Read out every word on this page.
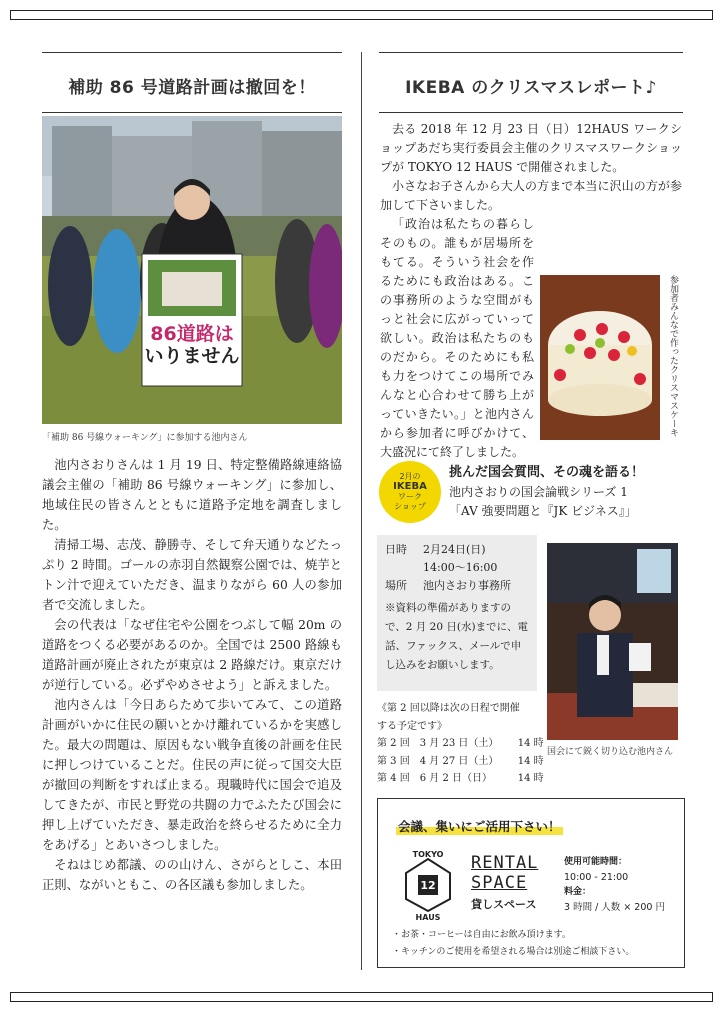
補助 86 号道路計画は撤回を！
86道路は
いりません
「補助 86 号線ウォーキング」に参加する池内さん

池内さおりさんは 1 月 19 日、特定整備路線連絡協議会主催の「補助 86 号線ウォーキング」に参加し、地域住民の皆さんとともに道路予定地を調査しました。

清掃工場、志茂、静勝寺、そして弁天通りなどたっぷり 2 時間。ゴールの赤羽自然観察公園では、焼芋とトン汁で迎えていただき、温まりながら 60 人の参加者で交流しました。

会の代表は「なぜ住宅や公園をつぶして幅 20m の道路をつくる必要があるのか。全国では 2500 路線も道路計画が廃止されたが東京は 2 路線だけ。東京だけが逆行している。必ずやめさせよう」と訴えました。

池内さんは「今日あらためて歩いてみて、この道路計画がいかに住民の願いとかけ離れているかを実感した。最大の問題は、原因もない戦争直後の計画を住民に押しつけていることだ。住民の声に従って国交大臣が撤回の判断をすれば止まる。現職時代に国会で追及してきたが、市民と野党の共闘の力でふたたび国会に押し上げていただき、暴走政治を終らせるために全力をあげる」とあいさつしました。

そねはじめ都議、のの山けん、さがらとしこ、本田正則、ながいともこ、の各区議も参加しました。

IKEBA のクリスマスレポート♪

去る 2018 年 12 月 23 日（日）12HAUS ワークショップあだち実行委員会主催のクリスマスワークショップが TOKYO 12 HAUS で開催されました。

小さなお子さんから大人の方まで本当に沢山の方が参加して下さいました。

参加者みんなで作ったクリスマスケーキ

「政治は私たちの暮らしそのもの。誰もが居場所をもてる。そういう社会を作るためにも政治はある。この事務所のような空間がもっと社会に広がっていって欲しい。政治は私たちのものだから。そのためにも私も力をつけてこの場所でみんなと心合わせて勝ち上がっていきたい。」と池内さんから参加者に呼びかけて、大盛況にて終了しました。

2月の
IKEBA
ワーク
ショップ
挑んだ国会質問、その魂を語る！
池内さおりの国会論戦シリーズ 1
「AV 強要問題と『JK ビジネス』」
日時	2月24日(日)
14:00〜16:00
場所	池内さおり事務所
※資料の準備がありますので、2 月 20 日(水)までに、電話、ファックス、メールで申し込みをお願いします。
国会にて鋭く切り込む池内さん
《第 2 回以降は次の日程で開催
する予定です》
第 2 回 3 月 23 日（土）	14 時
第 3 回 4 月 27 日（土）	14 時
第 4 回 6 月 2 日（日）	14 時
会議、集いにご活用下さい！
12
TOKYO
HAUS
RENTAL
SPACE
貸しスペース
使用可能時間：
10:00 - 21:00
料金：
3 時間 / 人数 × 200 円
・お茶・コーヒーは自由にお飲み頂けます。
・キッチンのご使用を希望される場合は別途ご相談下さい。
